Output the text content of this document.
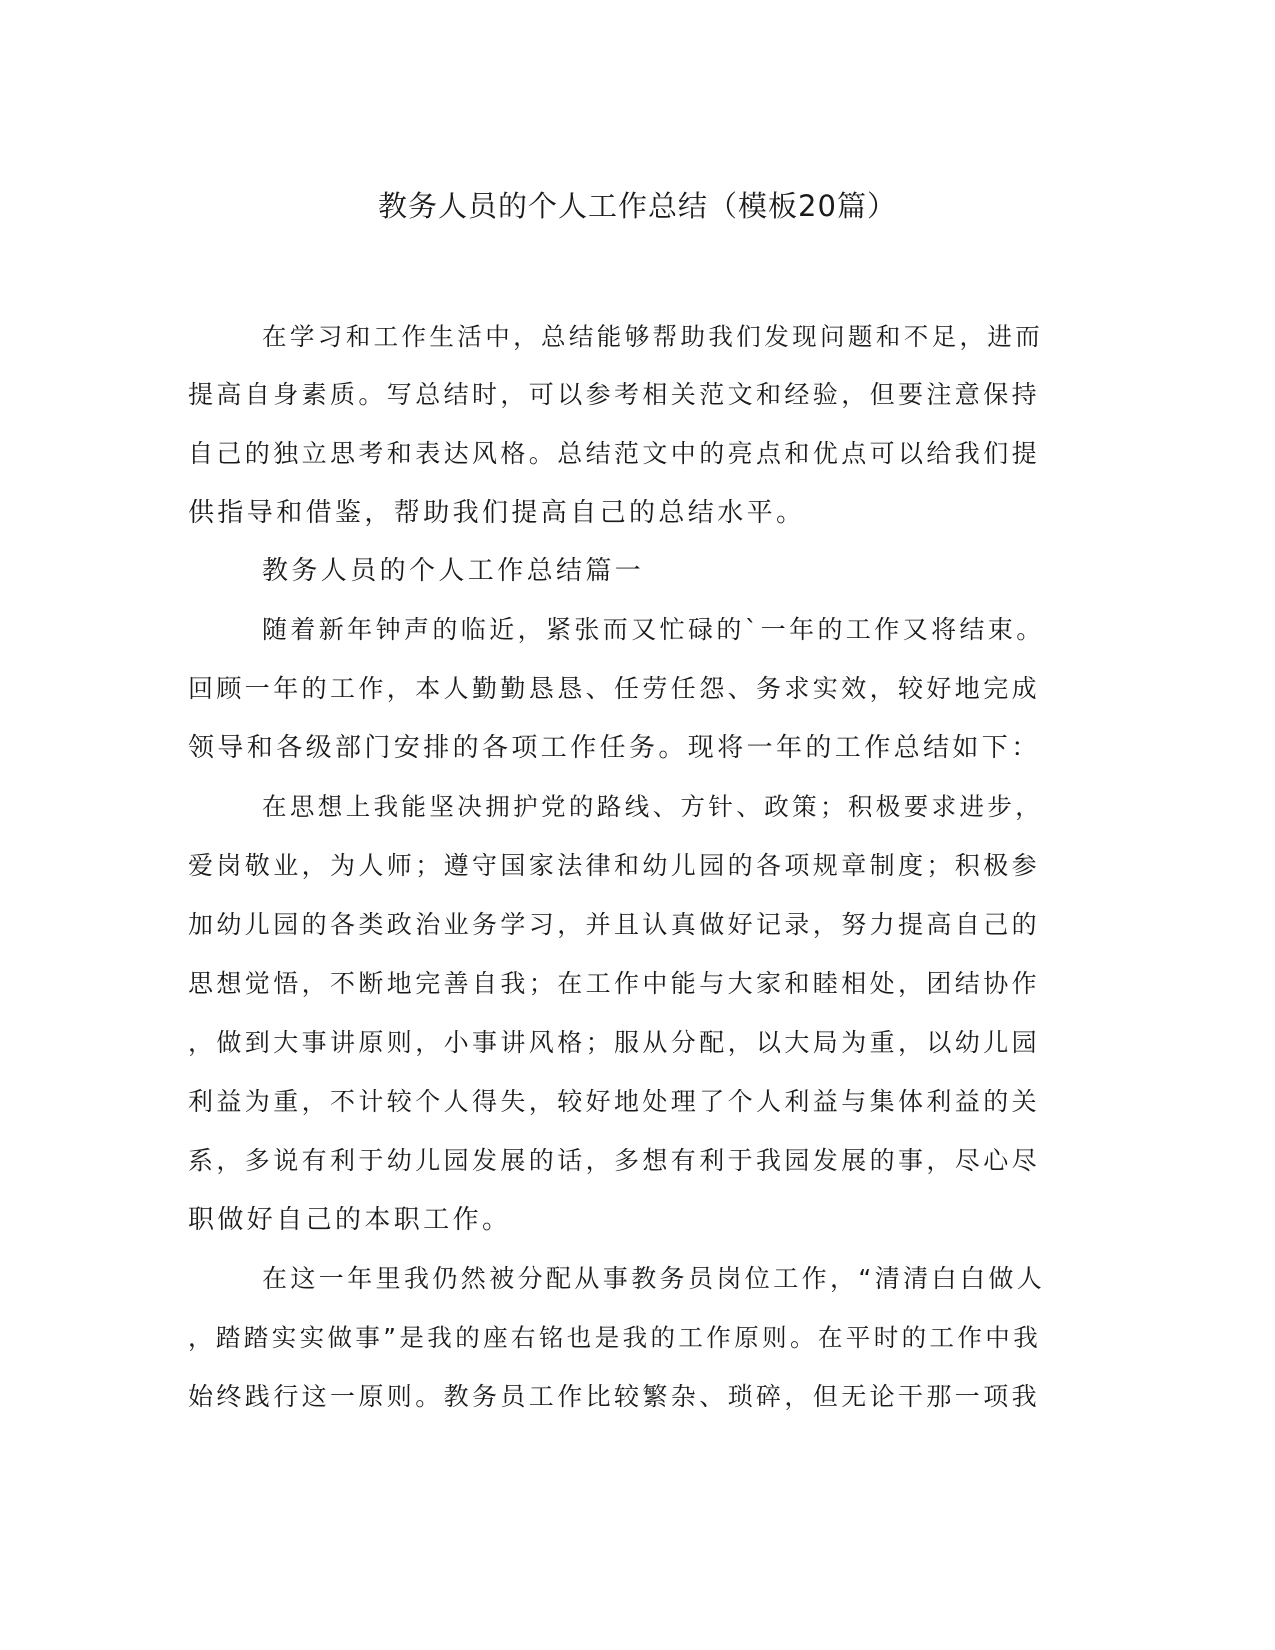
教务人员的个人工作总结（模板20篇）
在学习和工作生活中，总结能够帮助我们发现问题和不足，进而
提高自身素质。写总结时，可以参考相关范文和经验，但要注意保持
自己的独立思考和表达风格。总结范文中的亮点和优点可以给我们提
供指导和借鉴，帮助我们提高自己的总结水平。
教务人员的个人工作总结篇一
随着新年钟声的临近，紧张而又忙碌的`一年的工作又将结束。
回顾一年的工作，本人勤勤恳恳、任劳任怨、务求实效，较好地完成
领导和各级部门安排的各项工作任务。现将一年的工作总结如下：
在思想上我能坚决拥护党的路线、方针、政策；积极要求进步，
爱岗敬业，为人师；遵守国家法律和幼儿园的各项规章制度；积极参
加幼儿园的各类政治业务学习，并且认真做好记录，努力提高自己的
思想觉悟，不断地完善自我；在工作中能与大家和睦相处，团结协作
，做到大事讲原则，小事讲风格；服从分配，以大局为重，以幼儿园
利益为重，不计较个人得失，较好地处理了个人利益与集体利益的关
系，多说有利于幼儿园发展的话，多想有利于我园发展的事，尽心尽
职做好自己的本职工作。
在这一年里我仍然被分配从事教务员岗位工作，“清清白白做人
，踏踏实实做事”是我的座右铭也是我的工作原则。在平时的工作中我
始终践行这一原则。教务员工作比较繁杂、琐碎，但无论干那一项我
